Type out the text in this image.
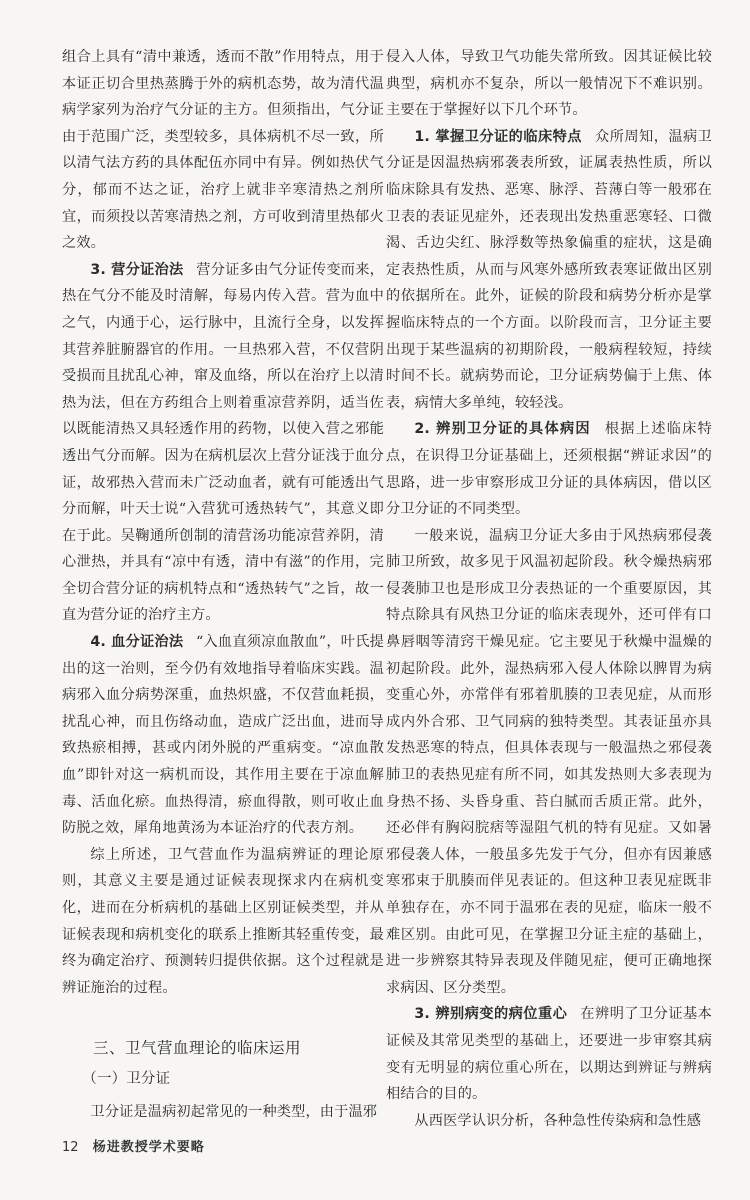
组合上具有“清中兼透，透而不散”作用特点，用于本证正切合里热蒸腾于外的病机态势，故为清代温病学家列为治疗气分证的主方。但须指出，气分证由于范围广泛，类型较多，具体病机不尽一致，所以清气法方药的具体配伍亦同中有异。例如热伏气分，郁而不达之证，治疗上就非辛寒清热之剂所宜，而须投以苦寒清热之剂，方可收到清里热郁火之效。

3. 营分证治法 营分证多由气分证传变而来，热在气分不能及时清解，每易内传入营。营为血中之气，内通于心，运行脉中，且流行全身，以发挥其营养脏腑器官的作用。一旦热邪入营，不仅营阴受损而且扰乱心神，窜及血络，所以在治疗上以清热为法，但在方药组合上则着重凉营养阴，适当佐以既能清热又具轻透作用的药物，以使入营之邪能透出气分而解。因为在病机层次上营分证浅于血分证，故邪热入营而未广泛动血者，就有可能透出气分而解，叶天士说“入营犹可透热转气”，其意义即在于此。吴鞠通所创制的清营汤功能凉营养阴，清心泄热，并具有“凉中有透，清中有滋”的作用，完全切合营分证的病机特点和“透热转气”之旨，故一直为营分证的治疗主方。

4. 血分证治法 “入血直须凉血散血”，叶氏提出的这一治则，至今仍有效地指导着临床实践。温病邪入血分病势深重，血热炽盛，不仅营血耗损，扰乱心神，而且伤络动血，造成广泛出血，进而导致热瘀相搏，甚或内闭外脱的严重病变。“凉血散血”即针对这一病机而设，其作用主要在于凉血解毒、活血化瘀。血热得清，瘀血得散，则可收止血防脱之效，犀角地黄汤为本证治疗的代表方剂。

综上所述，卫气营血作为温病辨证的理论原则，其意义主要是通过证候表现探求内在病机变化，进而在分析病机的基础上区别证候类型，并从证候表现和病机变化的联系上推断其轻重传变，最终为确定治疗、预测转归提供依据。这个过程就是辨证施治的过程。

三、卫气营血理论的临床运用
（一）卫分证

卫分证是温病初起常见的一种类型，由于温邪

侵入人体，导致卫气功能失常所致。因其证候比较典型，病机亦不复杂，所以一般情况下不难识别。主要在于掌握好以下几个环节。

1. 掌握卫分证的临床特点 众所周知，温病卫分证是因温热病邪袭表所致，证属表热性质，所以临床除具有发热、恶寒、脉浮、苔薄白等一般邪在卫表的表证见症外，还表现出发热重恶寒轻、口微渴、舌边尖红、脉浮数等热象偏重的症状，这是确定表热性质，从而与风寒外感所致表寒证做出区别的依据所在。此外，证候的阶段和病势分析亦是掌握临床特点的一个方面。以阶段而言，卫分证主要出现于某些温病的初期阶段，一般病程较短，持续时间不长。就病势而论，卫分证病势偏于上焦、体表，病情大多单纯，较轻浅。

2. 辨别卫分证的具体病因 根据上述临床特点，在识得卫分证基础上，还须根据“辨证求因”的思路，进一步审察形成卫分证的具体病因，借以区分卫分证的不同类型。

一般来说，温病卫分证大多由于风热病邪侵袭肺卫所致，故多见于风温初起阶段。秋令燥热病邪侵袭肺卫也是形成卫分表热证的一个重要原因，其特点除具有风热卫分证的临床表现外，还可伴有口鼻唇咽等清窍干燥见症。它主要见于秋燥中温燥的初起阶段。此外，湿热病邪入侵人体除以脾胃为病变重心外，亦常伴有邪着肌腠的卫表见症，从而形成内外合邪、卫气同病的独特类型。其表证虽亦具发热恶寒的特点，但具体表现与一般温热之邪侵袭肺卫的表热见症有所不同，如其发热则大多表现为身热不扬、头昏身重、苔白腻而舌质正常。此外，还必伴有胸闷脘痞等湿阻气机的特有见症。又如暑邪侵袭人体，一般虽多先发于气分，但亦有因兼感寒邪束于肌腠而伴见表证的。但这种卫表见症既非单独存在，亦不同于温邪在表的见症，临床一般不难区别。由此可见，在掌握卫分证主症的基础上，进一步辨察其特异表现及伴随见症，便可正确地探求病因、区分类型。

3. 辨别病变的病位重心 在辨明了卫分证基本证候及其常见类型的基础上，还要进一步审察其病变有无明显的病位重心所在，以期达到辨证与辨病相结合的目的。

从西医学认识分析，各种急性传染病和急性感

12 杨进教授学术要略
